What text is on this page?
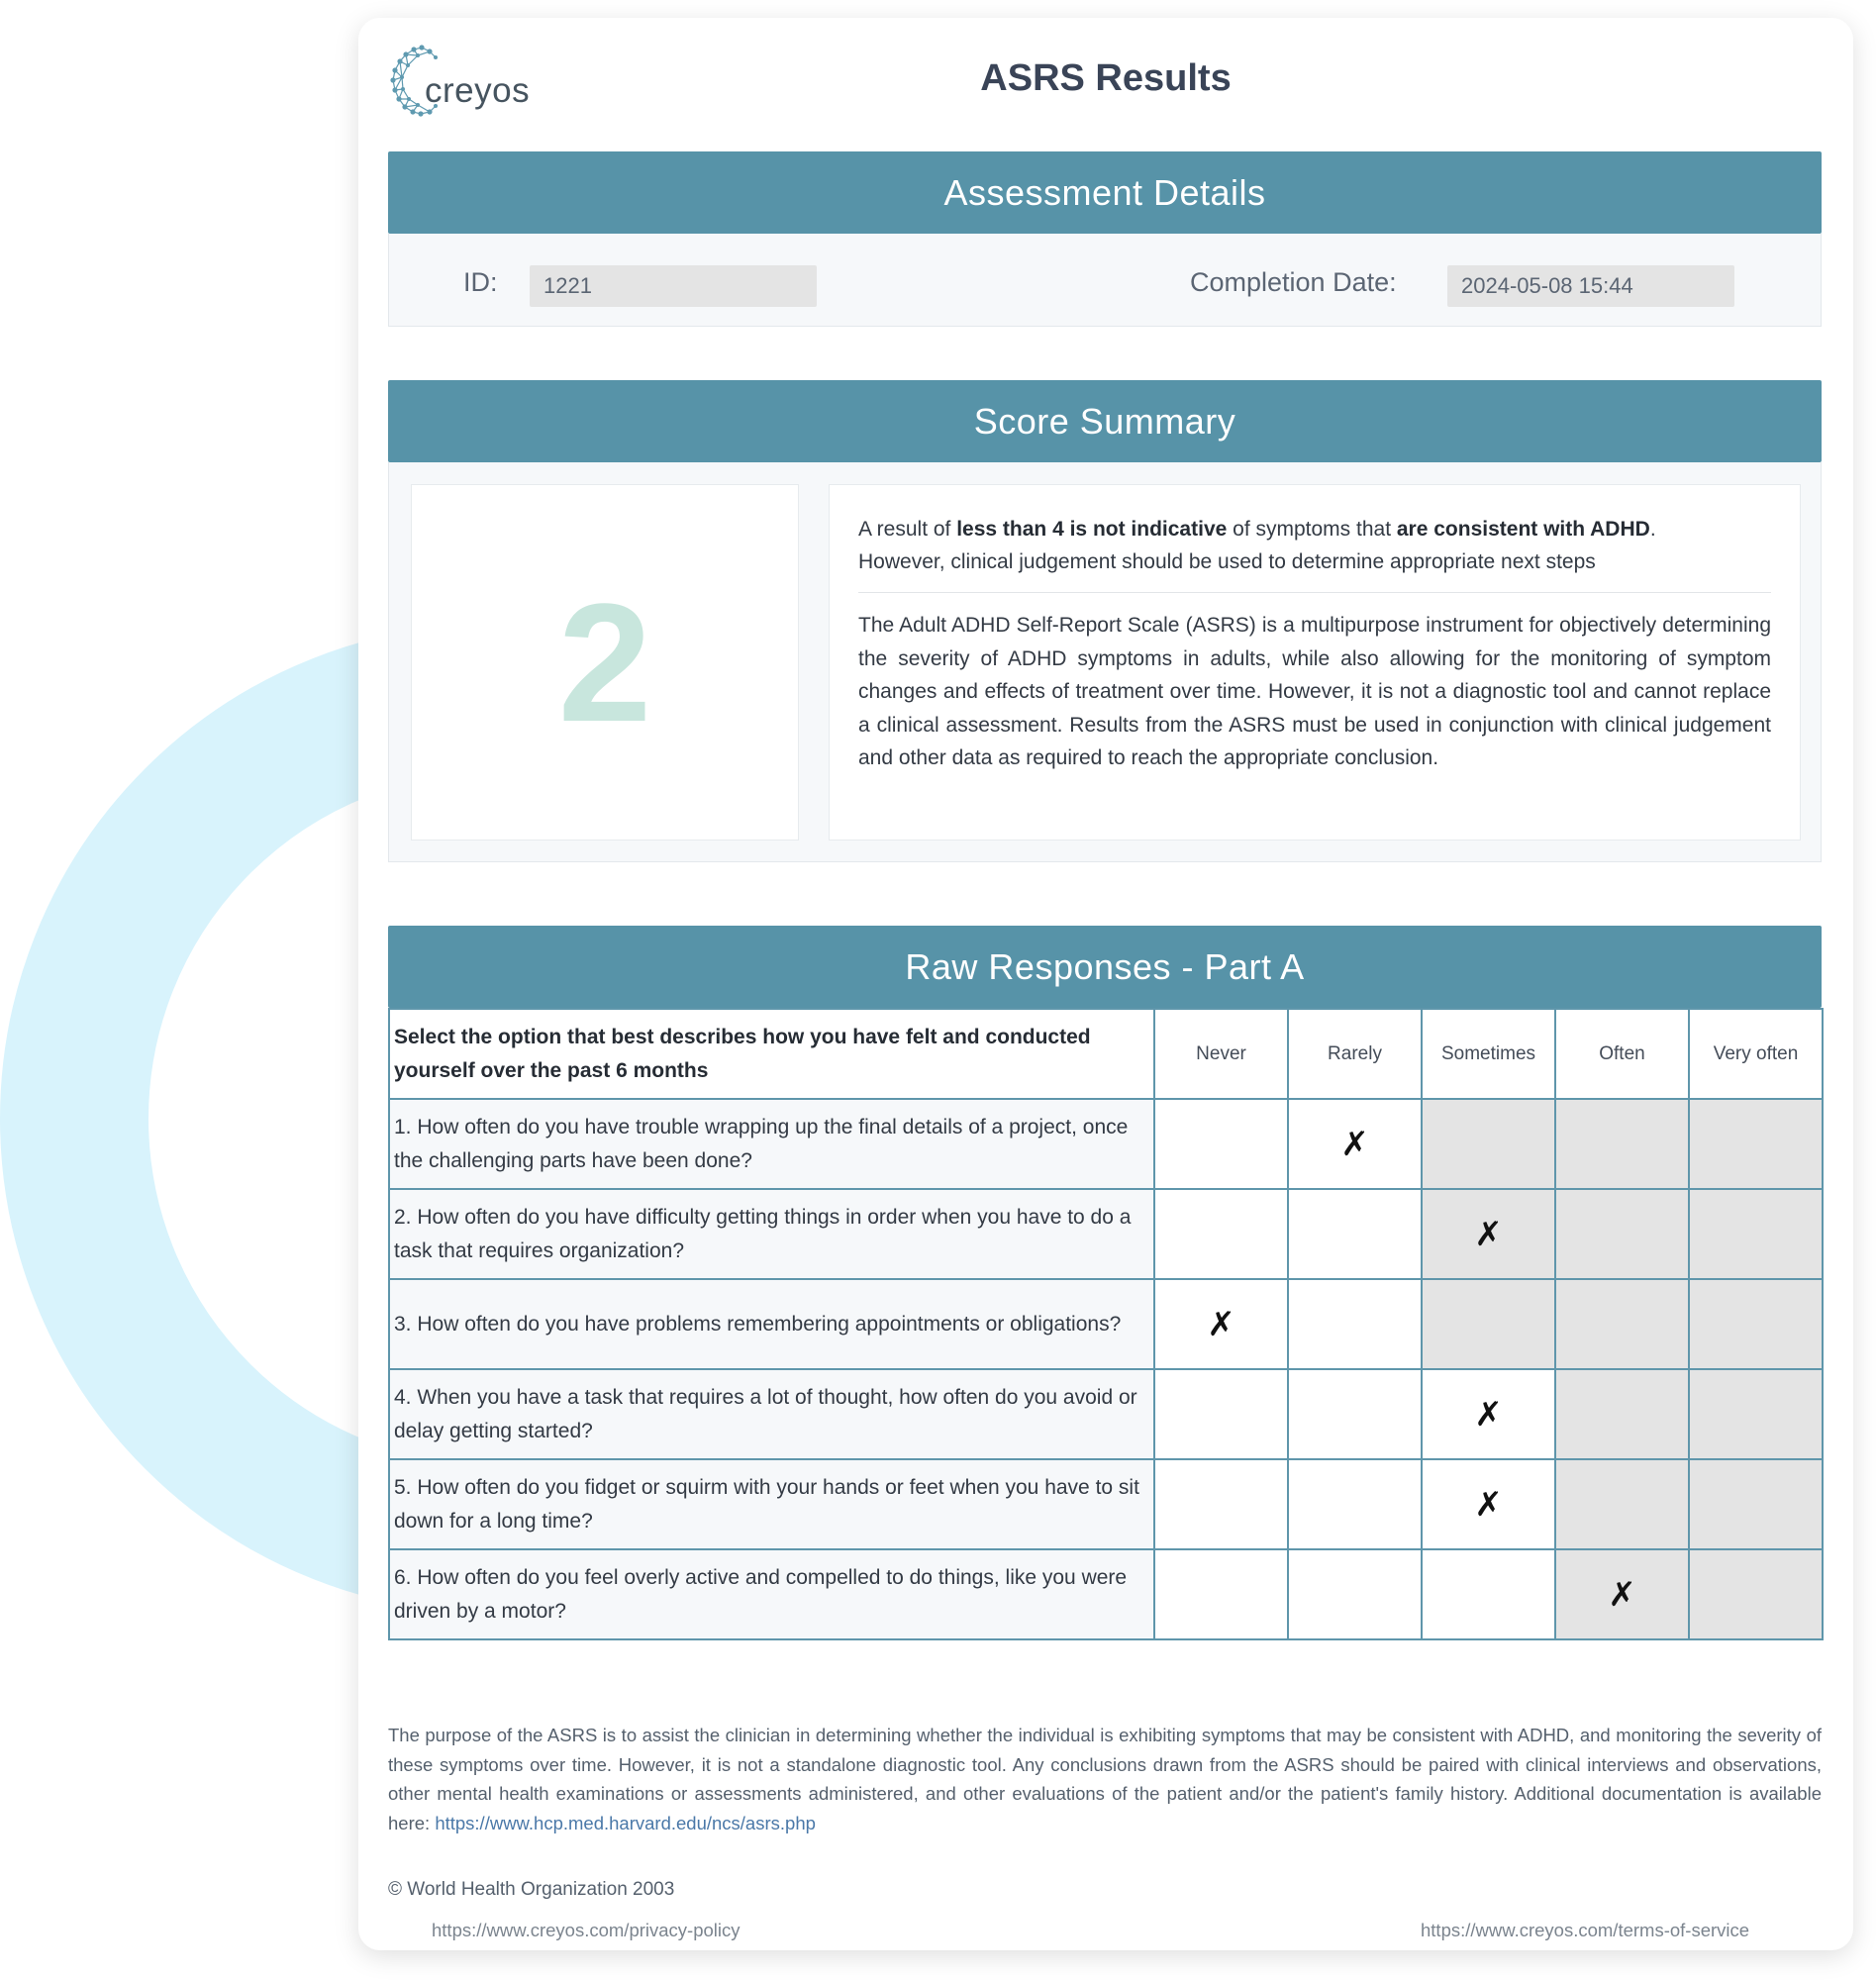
creyos	ASRS Results
Assessment Details
ID:	1221	Completion Date:	2024-05-08 15:44
Score Summary
2

A result of less than 4 is not indicative of symptoms that are consistent with ADHD.
However, clinical judgement should be used to determine appropriate next steps

The Adult ADHD Self-Report Scale (ASRS) is a multipurpose instrument for objectively determining the severity of ADHD symptoms in adults, while also allowing for the monitoring of symptom changes and effects of treatment over time. However, it is not a diagnostic tool and cannot replace a clinical assessment. Results from the ASRS must be used in conjunction with clinical judgement and other data as required to reach the appropriate conclusion.

Raw Responses - Part A
Select the option that best describes how you have felt and conducted yourself over the past 6 months	Never	Rarely	Sometimes	Often	Very often
1. How often do you have trouble wrapping up the final details of a project, once the challenging parts have been done?		✗			
2. How often do you have difficulty getting things in order when you have to do a task that requires organization?			✗		
3. How often do you have problems remembering appointments or obligations?	✗				
4. When you have a task that requires a lot of thought, how often do you avoid or delay getting started?			✗		
5. How often do you fidget or squirm with your hands or feet when you have to sit down for a long time?			✗		
6. How often do you feel overly active and compelled to do things, like you were driven by a motor?				✗	

The purpose of the ASRS is to assist the clinician in determining whether the individual is exhibiting symptoms that may be consistent with ADHD, and monitoring the severity of these symptoms over time. However, it is not a standalone diagnostic tool. Any conclusions drawn from the ASRS should be paired with clinical interviews and observations, other mental health examinations or assessments administered, and other evaluations of the patient and/or the patient's family history. Additional documentation is available here: https://www.hcp.med.harvard.edu/ncs/asrs.php

© World Health Organization 2003
https://www.creyos.com/privacy-policy	https://www.creyos.com/terms-of-service
